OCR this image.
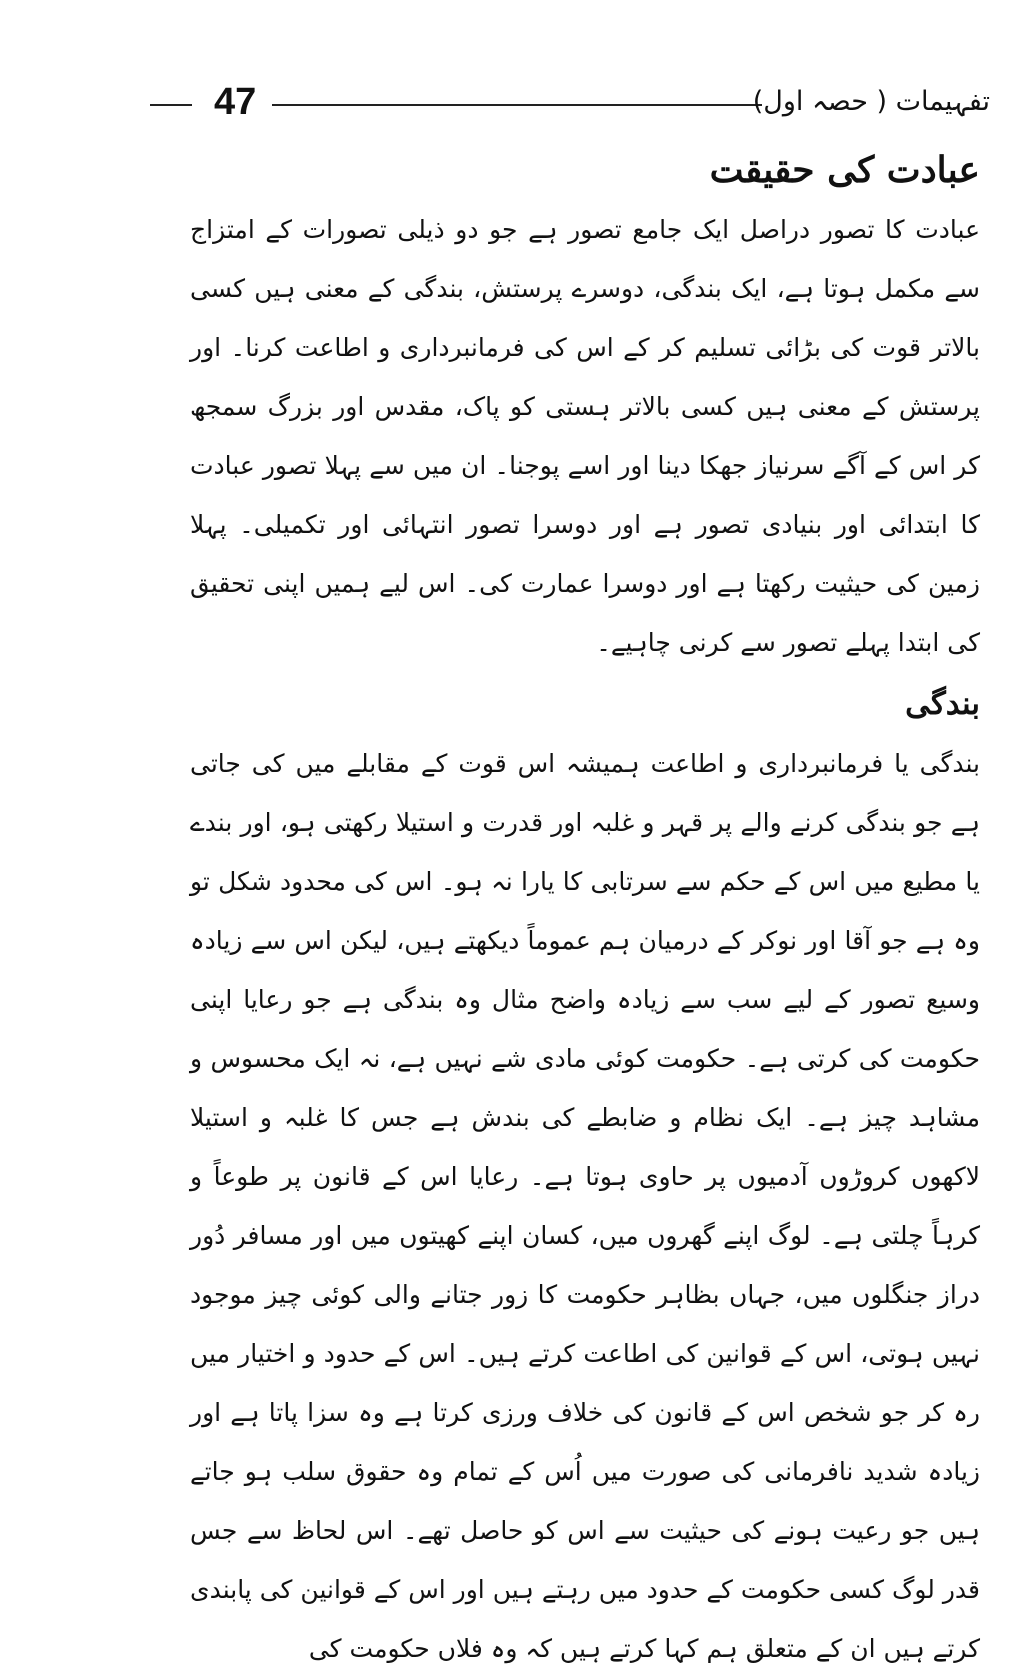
47	تفہیمات ( حصہ اول)
عبادت کی حقیقت

عبادت کا تصور دراصل ایک جامع تصور ہے جو دو ذیلی تصورات کے امتزاج سے مکمل ہوتا ہے، ایک بندگی، دوسرے پرستش، بندگی کے معنی ہیں کسی بالاتر قوت کی بڑائی تسلیم کر کے اس کی فرمانبرداری و اطاعت کرنا۔ اور پرستش کے معنی ہیں کسی بالاتر ہستی کو پاک، مقدس اور بزرگ سمجھ کر اس کے آگے سرنیاز جھکا دینا اور اسے پوجنا۔ ان میں سے پہلا تصور عبادت کا ابتدائی اور بنیادی تصور ہے اور دوسرا تصور انتہائی اور تکمیلی۔ پہلا زمین کی حیثیت رکھتا ہے اور دوسرا عمارت کی۔ اس لیے ہمیں اپنی تحقیق کی ابتدا پہلے تصور سے کرنی چاہیے۔

بندگی

بندگی یا فرمانبرداری و اطاعت ہمیشہ اس قوت کے مقابلے میں کی جاتی ہے جو بندگی کرنے والے پر قہر و غلبہ اور قدرت و استیلا رکھتی ہو، اور بندے یا مطیع میں اس کے حکم سے سرتابی کا یارا نہ ہو۔ اس کی محدود شکل تو وہ ہے جو آقا اور نوکر کے درمیان ہم عموماً دیکھتے ہیں، لیکن اس سے زیادہ وسیع تصور کے لیے سب سے زیادہ واضح مثال وہ بندگی ہے جو رعایا اپنی حکومت کی کرتی ہے۔ حکومت کوئی مادی شے نہیں ہے، نہ ایک محسوس و مشاہد چیز ہے۔ ایک نظام و ضابطے کی بندش ہے جس کا غلبہ و استیلا لاکھوں کروڑوں آدمیوں پر حاوی ہوتا ہے۔ رعایا اس کے قانون پر طوعاً و کرہاً چلتی ہے۔ لوگ اپنے گھروں میں، کسان اپنے کھیتوں میں اور مسافر دُور دراز جنگلوں میں، جہاں بظاہر حکومت کا زور جتانے والی کوئی چیز موجود نہیں ہوتی، اس کے قوانین کی اطاعت کرتے ہیں۔ اس کے حدود و اختیار میں رہ کر جو شخص اس کے قانون کی خلاف ورزی کرتا ہے وہ سزا پاتا ہے اور زیادہ شدید نافرمانی کی صورت میں اُس کے تمام وہ حقوق سلب ہو جاتے ہیں جو رعیت ہونے کی حیثیت سے اس کو حاصل تھے۔ اس لحاظ سے جس قدر لوگ کسی حکومت کے حدود میں رہتے ہیں اور اس کے قوانین کی پابندی کرتے ہیں ان کے متعلق ہم کہا کرتے ہیں کہ وہ فلاں حکومت کی
